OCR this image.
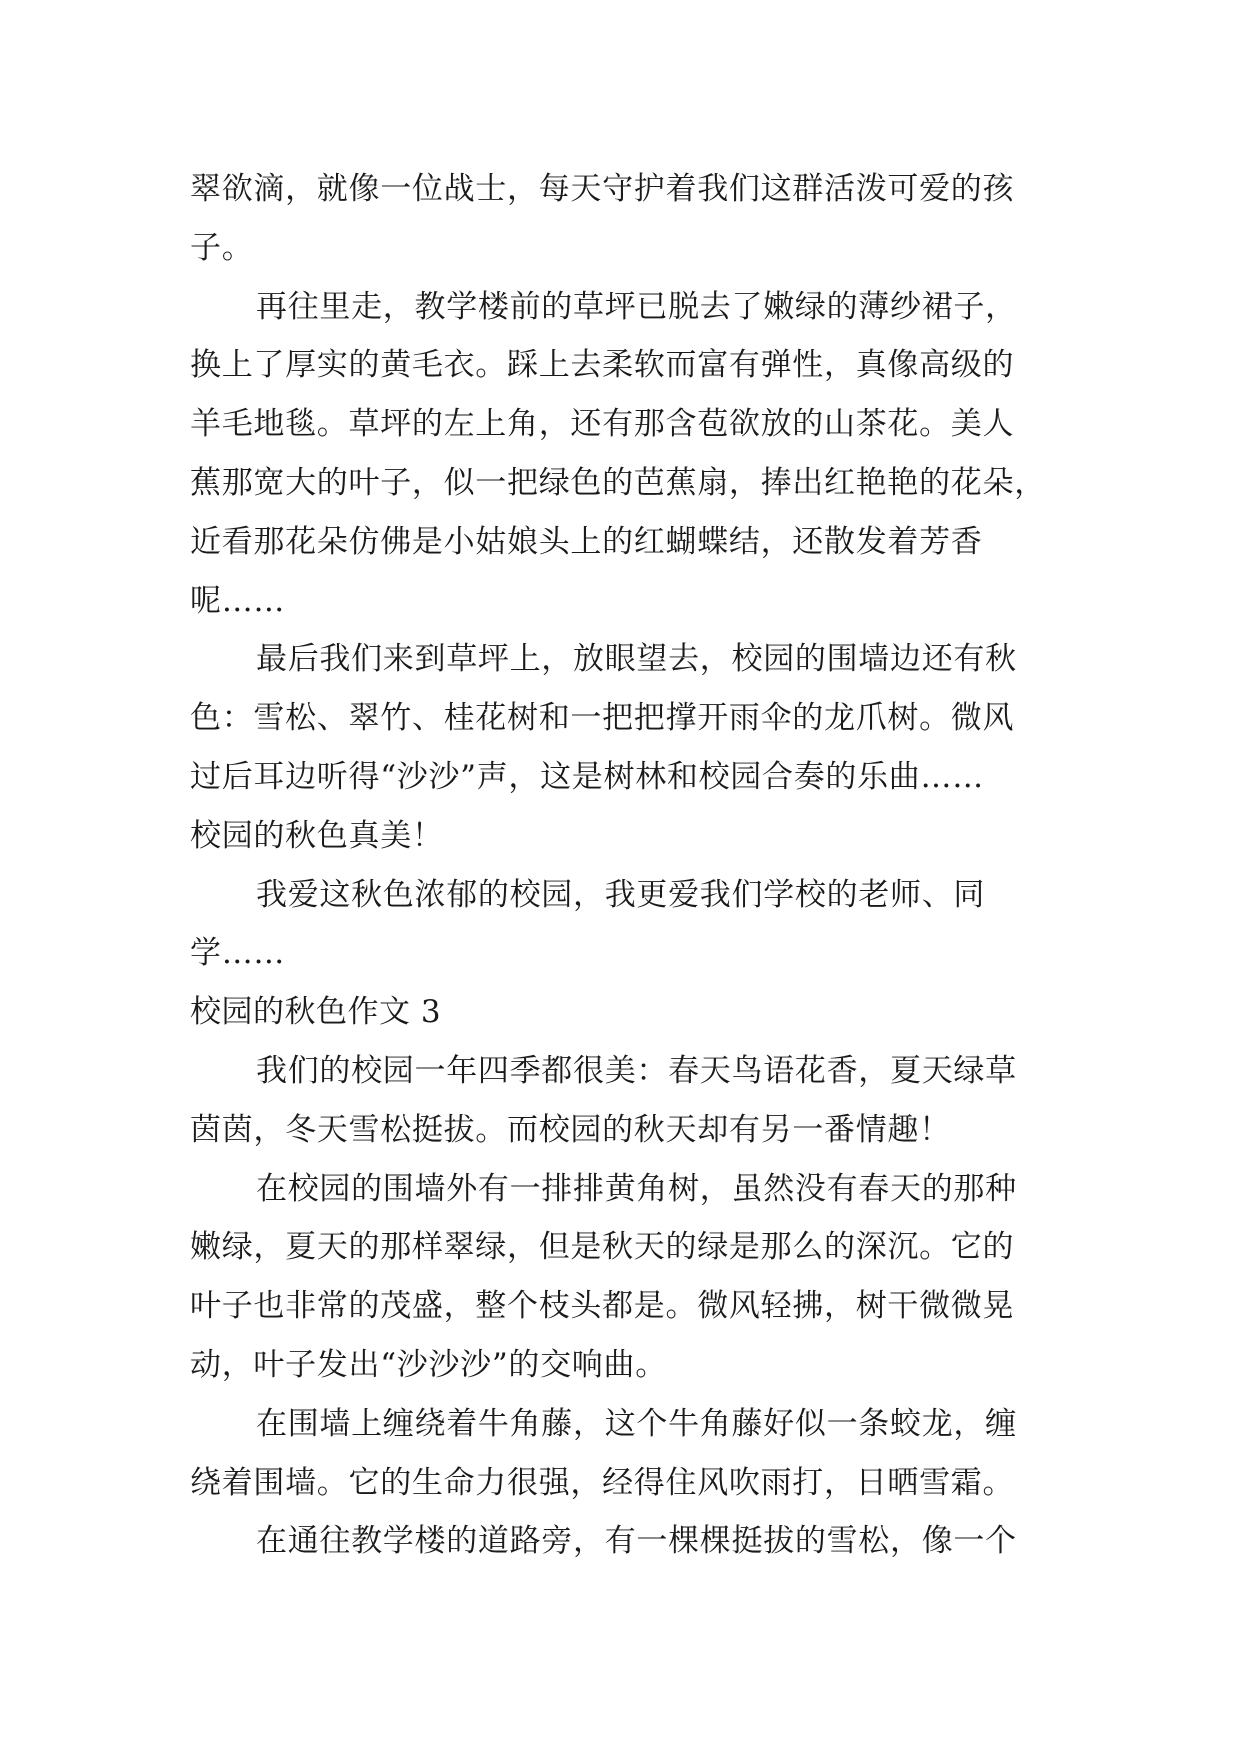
翠欲滴，就像一位战士，每天守护着我们这群活泼可爱的孩
子。
再往里走，教学楼前的草坪已脱去了嫩绿的薄纱裙子，
换上了厚实的黄毛衣。踩上去柔软而富有弹性，真像高级的
羊毛地毯。草坪的左上角，还有那含苞欲放的山茶花。美人
蕉那宽大的叶子，似一把绿色的芭蕉扇，捧出红艳艳的花朵，
近看那花朵仿佛是小姑娘头上的红蝴蝶结，还散发着芳香
呢……
最后我们来到草坪上，放眼望去，校园的围墙边还有秋
色：雪松、翠竹、桂花树和一把把撑开雨伞的龙爪树。微风
过后耳边听得“沙沙”声，这是树林和校园合奏的乐曲……
校园的秋色真美！
我爱这秋色浓郁的校园，我更爱我们学校的老师、同
学……
校园的秋色作文 3
我们的校园一年四季都很美：春天鸟语花香，夏天绿草
茵茵，冬天雪松挺拔。而校园的秋天却有另一番情趣！
在校园的围墙外有一排排黄角树，虽然没有春天的那种
嫩绿，夏天的那样翠绿，但是秋天的绿是那么的深沉。它的
叶子也非常的茂盛，整个枝头都是。微风轻拂，树干微微晃
动，叶子发出“沙沙沙”的交响曲。
在围墙上缠绕着牛角藤，这个牛角藤好似一条蛟龙，缠
绕着围墙。它的生命力很强，经得住风吹雨打，日晒雪霜。
在通往教学楼的道路旁，有一棵棵挺拔的雪松，像一个
